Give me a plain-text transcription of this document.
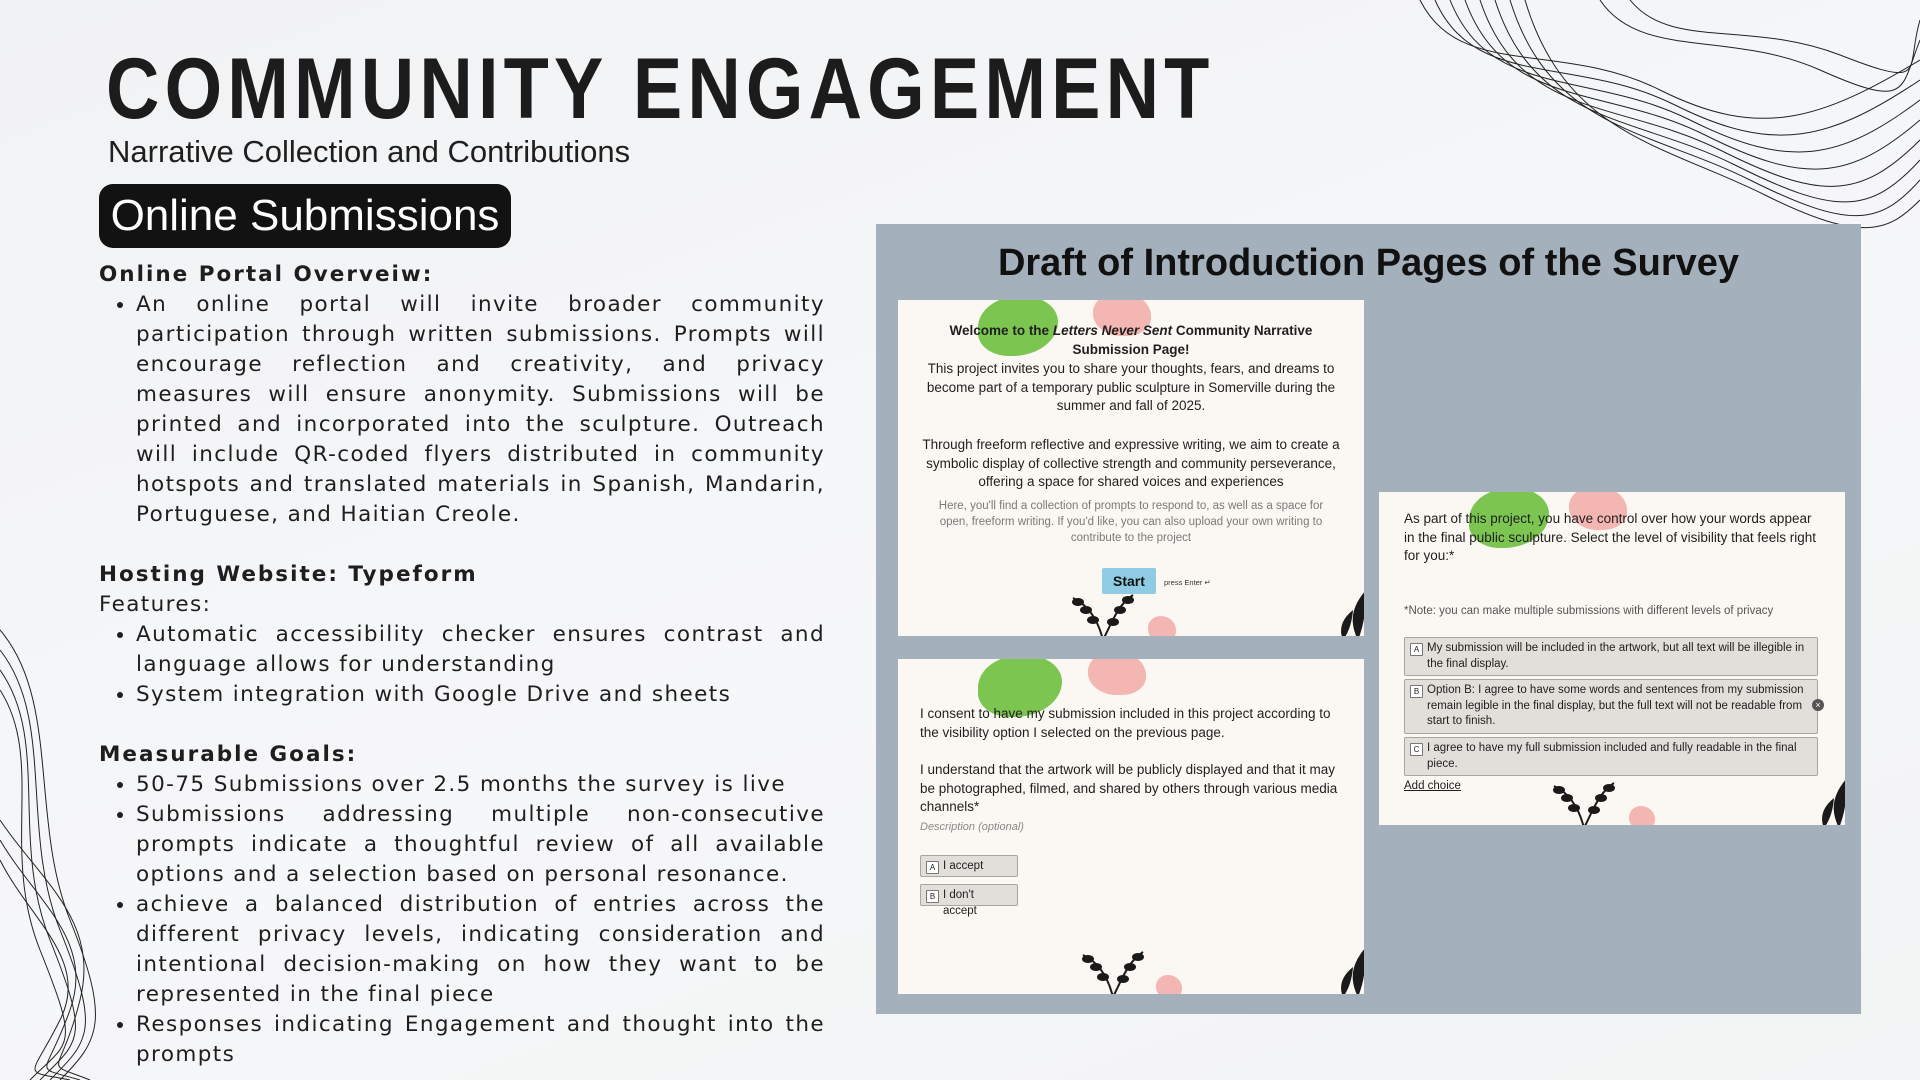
COMMUNITY ENGAGEMENT
Narrative Collection and Contributions
Online Submissions
Online Portal Overveiw:
• An online portal will invite broader community participation through written submissions. Prompts will encourage reflection and creativity, and privacy measures will ensure anonymity. Submissions will be printed and incorporated into the sculpture. Outreach will include QR-coded flyers distributed in community hotspots and translated materials in Spanish, Mandarin, Portuguese, and Haitian Creole.
Hosting Website: Typeform

Features:

• Automatic accessibility checker ensures contrast and language allows for understanding
• System integration with Google Drive and sheets
Measurable Goals:
• 50-75 Submissions over 2.5 months the survey is live
• Submissions addressing multiple non-consecutive prompts indicate a thoughtful review of all available options and a selection based on personal resonance.
• achieve a balanced distribution of entries across the different privacy levels, indicating consideration and intentional decision-making on how they want to be represented in the final piece
• Responses indicating Engagement and thought into the prompts
Draft of Introduction Pages of the Survey
Welcome to the Letters Never Sent Community Narrative Submission Page!
This project invites you to share your thoughts, fears, and dreams to become part of a temporary public sculpture in Somerville during the summer and fall of 2025.
Through freeform reflective and expressive writing, we aim to create a symbolic display of collective strength and community perseverance, offering a space for shared voices and experiences
Here, you'll find a collection of prompts to respond to, as well as a space for open, freeform writing. If you'd like, you can also upload your own writing to contribute to the project
Start	press Enter ↵
I consent to have my submission included in this project according to the visibility option I selected on the previous page.
I understand that the artwork will be publicly displayed and that it may be photographed, filmed, and shared by others through various media channels*
Description (optional)
A I accept
B I don't accept
As part of this project, you have control over how your words appear in the final public sculpture. Select the level of visibility that feels right for you:*
*Note: you can make multiple submissions with different levels of privacy
A My submission will be included in the artwork, but all text will be illegible in the final display.
B Option B: I agree to have some words and sentences from my submission remain legible in the final display, but the full text will not be readable from start to finish.
×
C I agree to have my full submission included and fully readable in the final piece.
Add choice
